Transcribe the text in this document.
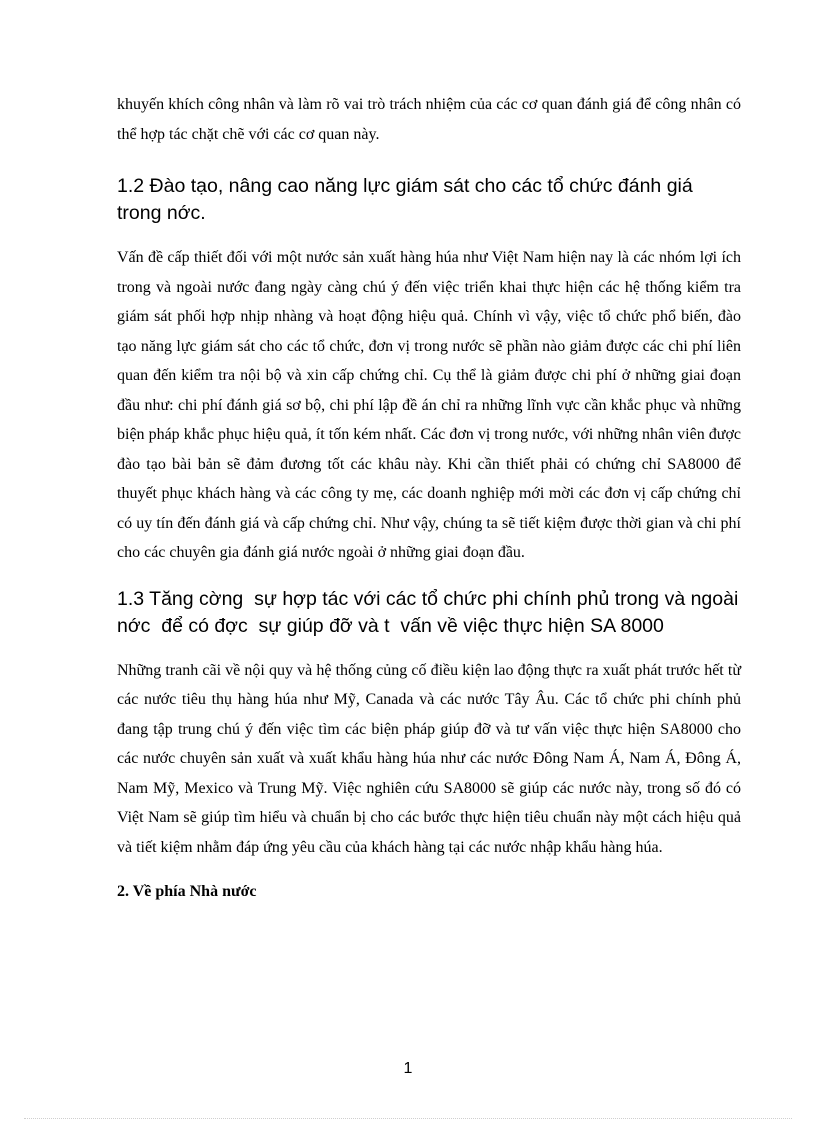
khuyến khích công nhân và làm rõ vai trò trách nhiệm của các cơ quan đánh giá để công nhân có thể hợp tác chặt chẽ với các cơ quan này.

1.2 Đào tạo, nâng cao năng lực giám sát cho các tổ chức đánh giá trong nớc.

Vấn đề cấp thiết đối với một nước sản xuất hàng húa như Việt Nam hiện nay là các nhóm lợi ích trong và ngoài nước đang ngày càng chú ý đến việc triển khai thực hiện các hệ thống kiểm tra giám sát phối hợp nhịp nhàng và hoạt động hiệu quả. Chính vì vậy, việc tổ chức phổ biến, đào tạo năng lực giám sát cho các tổ chức, đơn vị trong nước sẽ phần nào giảm được các chi phí liên quan đến kiểm tra nội bộ và xin cấp chứng chỉ. Cụ thể là giảm được chi phí ở những giai đoạn đầu như: chi phí đánh giá sơ bộ, chi phí lập đề án chỉ ra những lĩnh vực cần khắc phục và những biện pháp khắc phục hiệu quả, ít tốn kém nhất. Các đơn vị trong nước, với những nhân viên được đào tạo bài bản sẽ đảm đương tốt các khâu này. Khi cần thiết phải có chứng chỉ SA8000 để thuyết phục khách hàng và các công ty mẹ, các doanh nghiệp mới mời các đơn vị cấp chứng chỉ có uy tín đến đánh giá và cấp chứng chỉ. Như vậy, chúng ta sẽ tiết kiệm được thời gian và chi phí cho các chuyên gia đánh giá nước ngoài ở những giai đoạn đầu.

1.3 Tăng cờng  sự hợp tác với các tổ chức phi chính phủ trong và ngoài nớc  để có đợc  sự giúp đỡ và t  vấn về việc thực hiện SA 8000

Những tranh cãi về nội quy và hệ thống củng cố điều kiện lao động thực ra xuất phát trước hết từ các nước tiêu thụ hàng húa như Mỹ, Canada và các nước Tây Âu. Các tổ chức phi chính phủ đang tập trung chú ý đến việc tìm các biện pháp giúp đỡ và tư vấn việc thực hiện SA8000 cho các nước chuyên sản xuất và xuất khẩu hàng húa như các nước Đông Nam Á, Nam Á, Đông Á, Nam Mỹ, Mexico và Trung Mỹ. Việc nghiên cứu SA8000 sẽ giúp các nước này, trong số đó có Việt Nam sẽ giúp tìm hiểu và chuẩn bị cho các bước thực hiện tiêu chuẩn này một cách hiệu quả và tiết kiệm nhằm đáp ứng yêu cầu của khách hàng tại các nước nhập khẩu hàng húa.

2. Về phía Nhà nước
1
